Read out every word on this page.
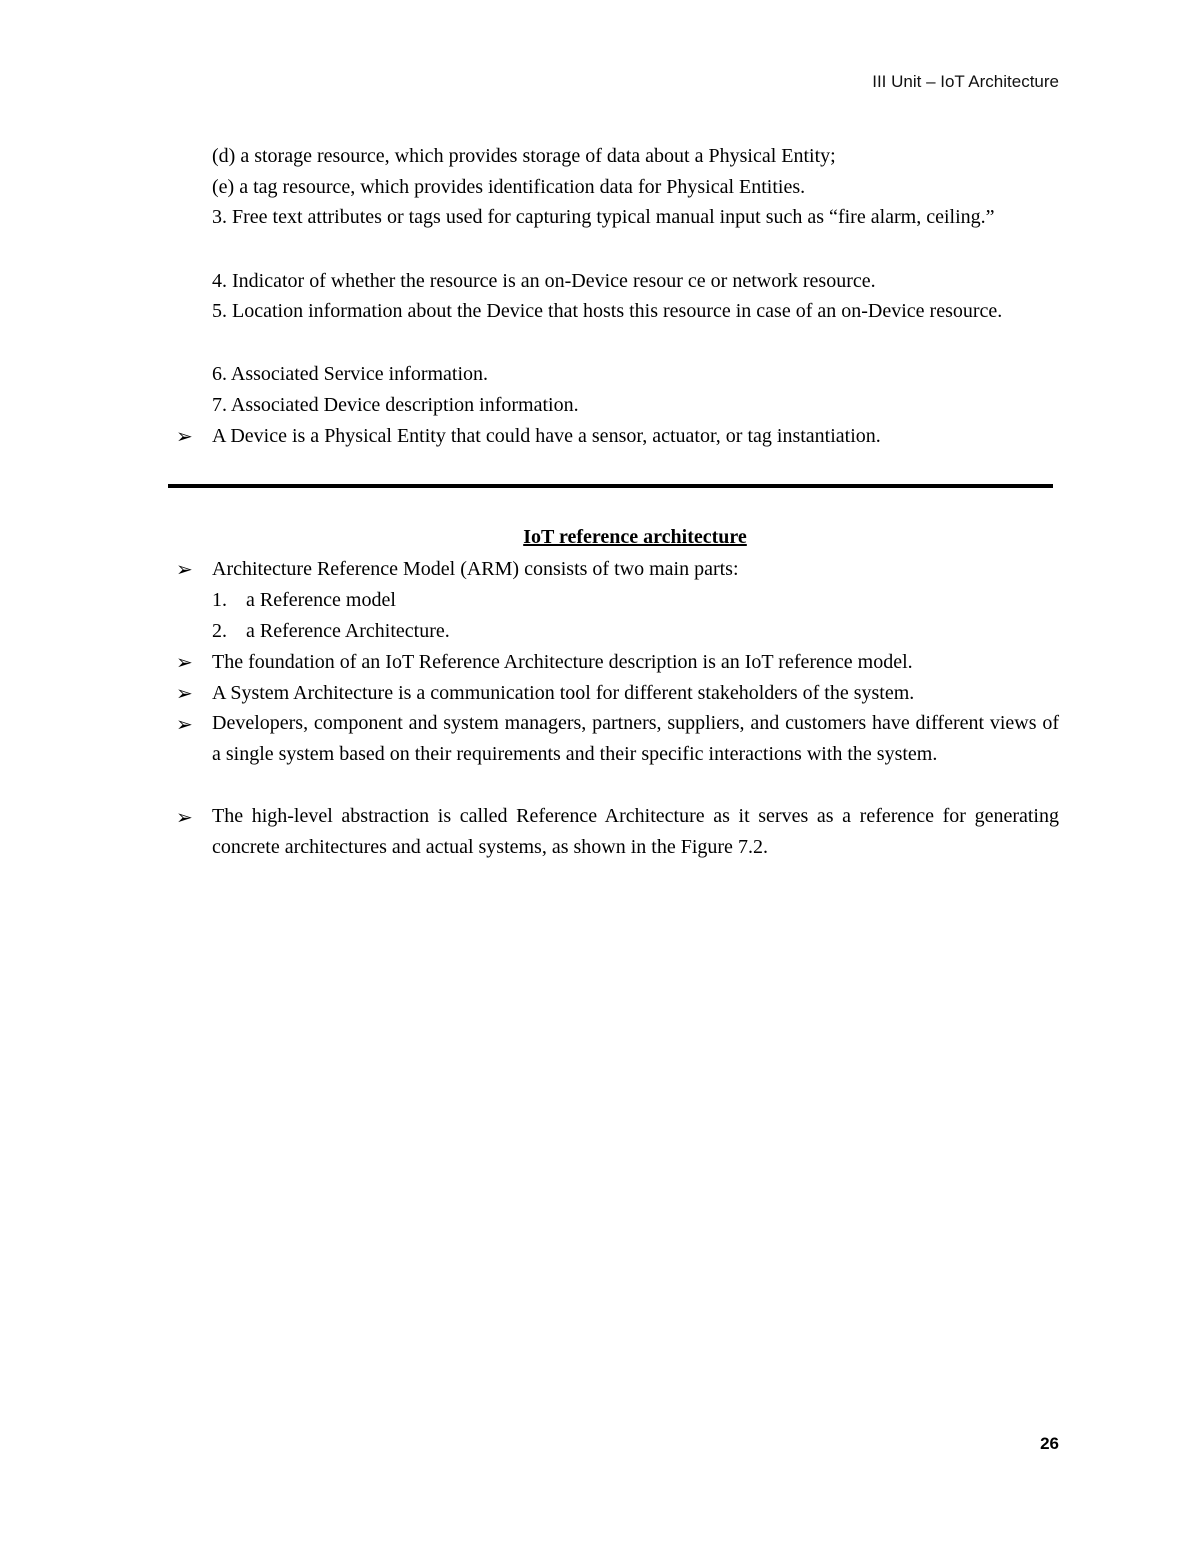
III Unit – IoT Architecture
(d) a storage resource, which provides storage of data about a Physical Entity;
(e) a tag resource, which provides identification data for Physical Entities.
3. Free text attributes or tags used for capturing typical manual input such as “fire alarm, ceiling.”
4. Indicator of whether the resource is an on-Device resour ce or network resource.
5. Location information about the Device that hosts this resource in case of an on-Device resource.
6. Associated Service information.
7. Associated Device description information.
➢ A Device is a Physical Entity that could have a sensor, actuator, or tag instantiation.
IoT reference architecture
➢ Architecture Reference Model (ARM) consists of two main parts:
1. a Reference model
2. a Reference Architecture.
➢ The foundation of an IoT Reference Architecture description is an IoT reference model.
➢ A System Architecture is a communication tool for different stakeholders of the system.
➢ Developers, component and system managers, partners, suppliers, and customers have different views of a single system based on their requirements and their specific interactions with the system.
➢ The high-level abstraction is called Reference Architecture as it serves as a reference for generating concrete architectures and actual systems, as shown in the Figure 7.2.
26
